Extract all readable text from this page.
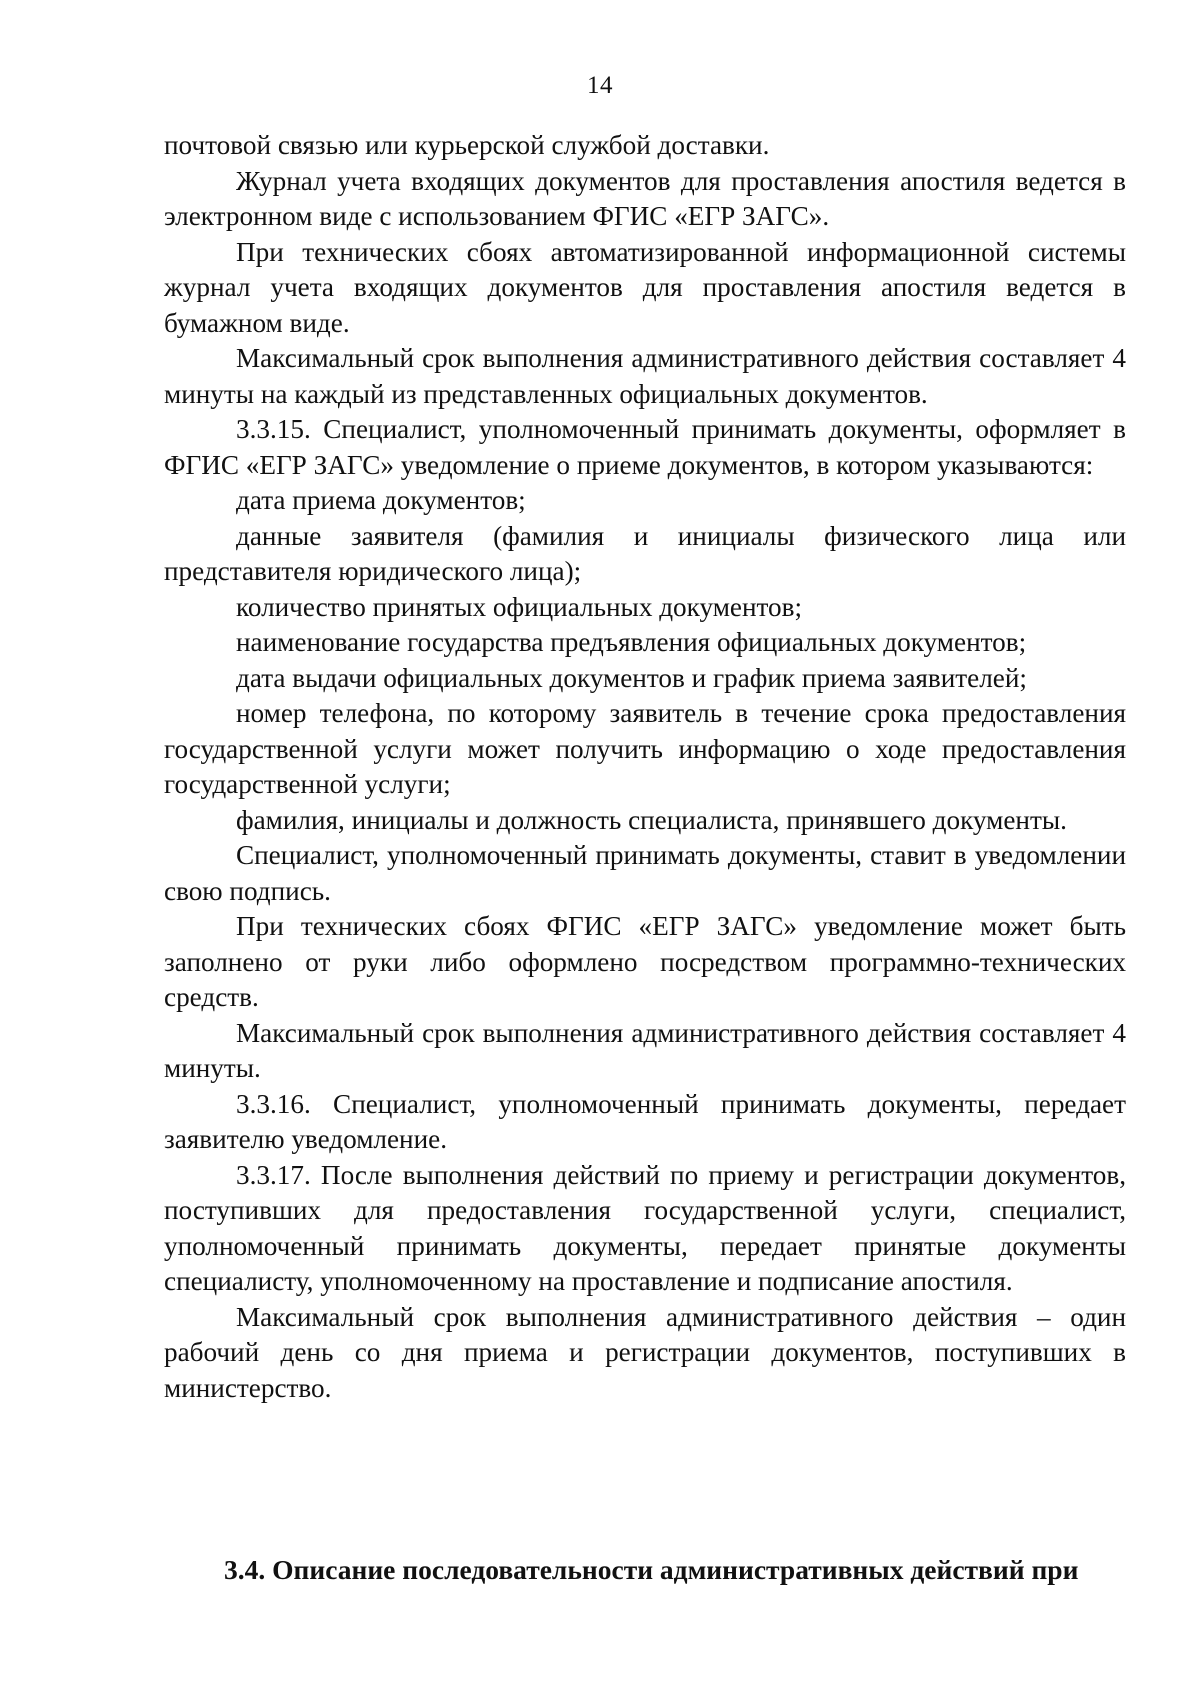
14

почтовой связью или курьерской службой доставки.

Журнал учета входящих документов для проставления апостиля ведется в электронном виде с использованием ФГИС «ЕГР ЗАГС».

При технических сбоях автоматизированной информационной системы журнал учета входящих документов для проставления апостиля ведется в бумажном виде.

Максимальный срок выполнения административного действия составляет 4 минуты на каждый из представленных официальных документов.

3.3.15. Специалист, уполномоченный принимать документы, оформляет в ФГИС «ЕГР ЗАГС» уведомление о приеме документов, в котором указываются:

дата приема документов;

данные заявителя (фамилия и инициалы физического лица или представителя юридического лица);

количество принятых официальных документов;

наименование государства предъявления официальных документов;

дата выдачи официальных документов и график приема заявителей;

номер телефона, по которому заявитель в течение срока предоставления государственной услуги может получить информацию о ходе предоставления государственной услуги;

фамилия, инициалы и должность специалиста, принявшего документы.

Специалист, уполномоченный принимать документы, ставит в уведомлении свою подпись.

При технических сбоях ФГИС «ЕГР ЗАГС» уведомление может быть заполнено от руки либо оформлено посредством программно-технических средств.

Максимальный срок выполнения административного действия составляет 4 минуты.

3.3.16. Специалист, уполномоченный принимать документы, передает заявителю уведомление.

3.3.17. После выполнения действий по приему и регистрации документов, поступивших для предоставления государственной услуги, специалист, уполномоченный принимать документы, передает принятые документы специалисту, уполномоченному на проставление и подписание апостиля.

Максимальный срок выполнения административного действия – один рабочий день со дня приема и регистрации документов, поступивших в министерство.

3.4. Описание последовательности административных действий при
